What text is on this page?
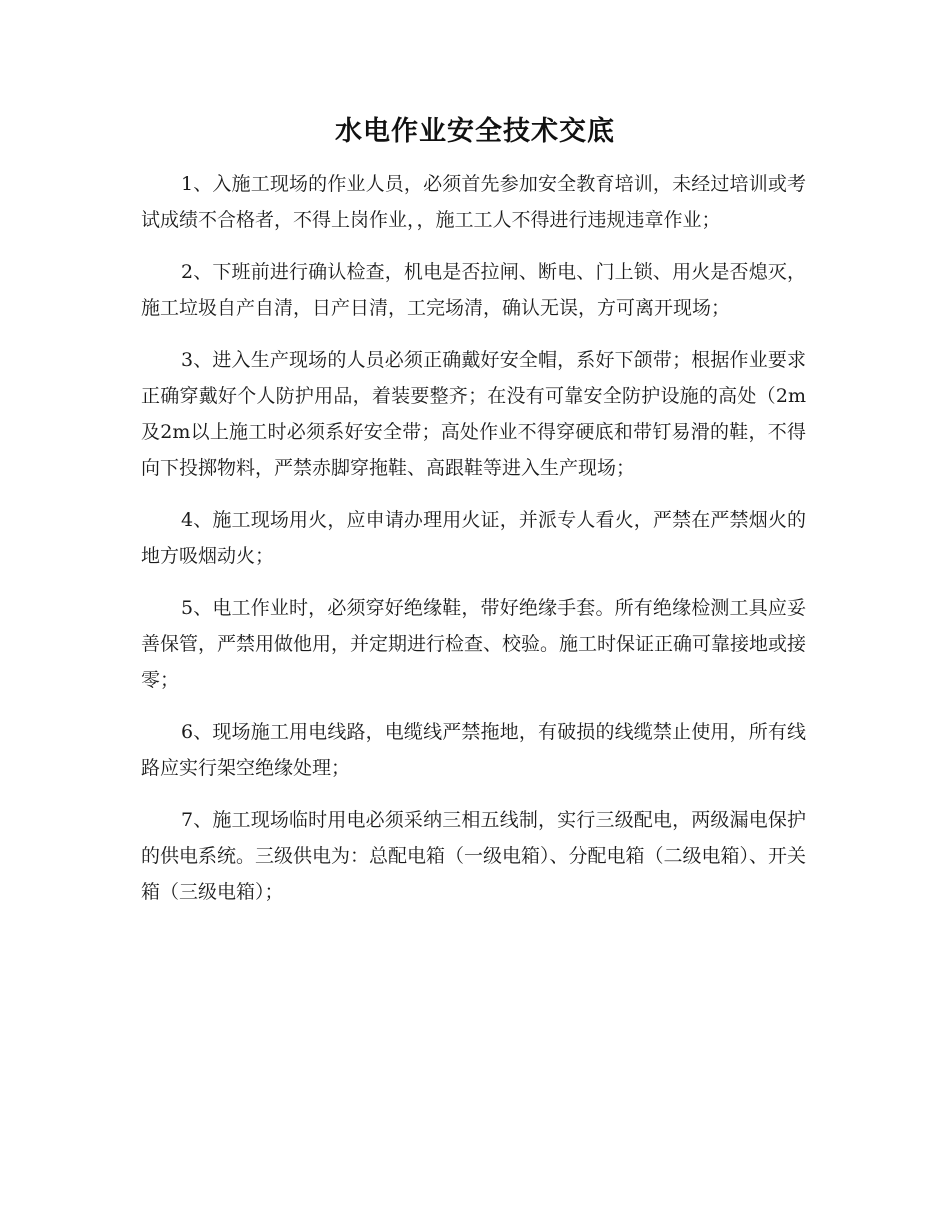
水电作业安全技术交底

1、入施工现场的作业人员，必须首先参加安全教育培训，未经过培训或考试成绩不合格者，不得上岗作业，，施工工人不得进行违规违章作业；

2、下班前进行确认检查，机电是否拉闸、断电、门上锁、用火是否熄灭，施工垃圾自产自清，日产日清，工完场清，确认无误，方可离开现场；

3、进入生产现场的人员必须正确戴好安全帽，系好下颌带；根据作业要求正确穿戴好个人防护用品，着装要整齐；在没有可靠安全防护设施的高处（2m及2m以上施工时必须系好安全带；高处作业不得穿硬底和带钉易滑的鞋，不得向下投掷物料，严禁赤脚穿拖鞋、高跟鞋等进入生产现场；

4、施工现场用火，应申请办理用火证，并派专人看火，严禁在严禁烟火的地方吸烟动火；

5、电工作业时，必须穿好绝缘鞋，带好绝缘手套。所有绝缘检测工具应妥善保管，严禁用做他用，并定期进行检查、校验。施工时保证正确可靠接地或接零；

6、现场施工用电线路，电缆线严禁拖地，有破损的线缆禁止使用，所有线路应实行架空绝缘处理；

7、施工现场临时用电必须采纳三相五线制，实行三级配电，两级漏电保护的供电系统。三级供电为：总配电箱（一级电箱）、分配电箱（二级电箱）、开关箱（三级电箱）；
